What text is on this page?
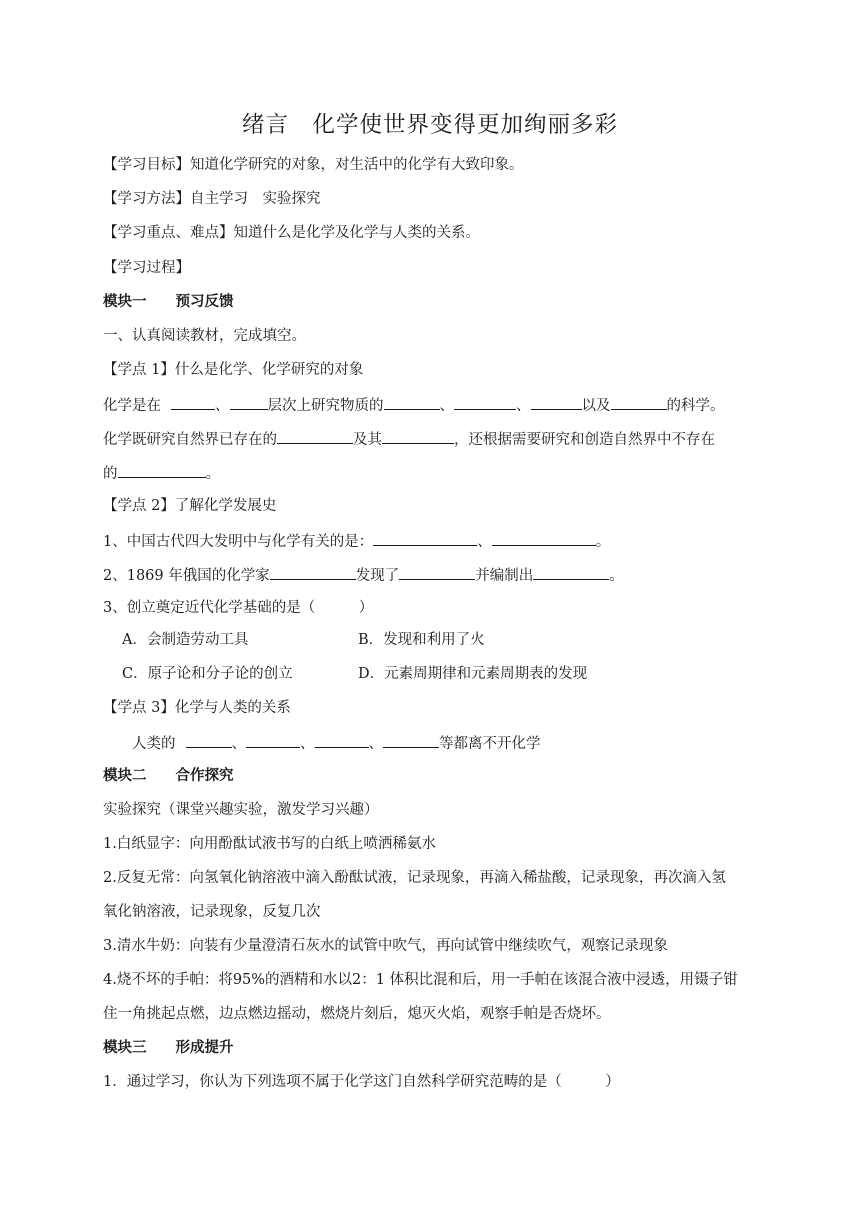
绪言　化学使世界变得更加绚丽多彩
【学习目标】知道化学研究的对象，对生活中的化学有大致印象。
【学习方法】自主学习　实验探究
【学习重点、难点】知道什么是化学及化学与人类的关系。
【学习过程】
模块一　　预习反馈
一、认真阅读教材，完成填空。
【学点 1】什么是化学、化学研究的对象
化学是在	、	层次上研究物质的	、	、	以及	的科学。
化学既研究自然界已存在的	及其	，还根据需要研究和创造自然界中不存在
的	。
【学点 2】了解化学发展史
1、中国古代四大发明中与化学有关的是：	、	。
2、1869 年俄国的化学家	发现了	并编制出	。
3、创立奠定近代化学基础的是（　　　）
A．会制造劳动工具	B．发现和利用了火
C．原子论和分子论的创立	D．元素周期律和元素周期表的发现
【学点 3】化学与人类的关系
人类的	、	、	、	等都离不开化学
模块二　　合作探究
实验探究（课堂兴趣实验，激发学习兴趣）
1.白纸显字：向用酚酞试液书写的白纸上喷洒稀氨水
2.反复无常：向氢氧化钠溶液中滴入酚酞试液，记录现象，再滴入稀盐酸，记录现象，再次滴入氢
氧化钠溶液，记录现象，反复几次
3.清水牛奶：向装有少量澄清石灰水的试管中吹气，再向试管中继续吹气，观察记录现象
4.烧不坏的手帕：将95%的酒精和水以2：1 体积比混和后，用一手帕在该混合液中浸透，用镊子钳
住一角挑起点燃，边点燃边摇动，燃烧片刻后，熄灭火焰，观察手帕是否烧坏。
模块三　　形成提升
1．通过学习，你认为下列选项不属于化学这门自然科学研究范畴的是（　　　）
